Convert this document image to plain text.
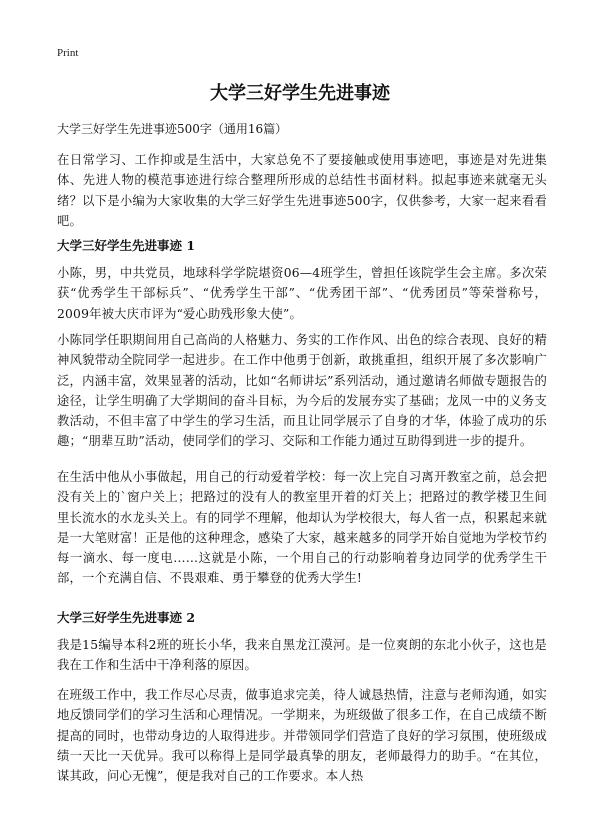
Print
大学三好学生先进事迹

大学三好学生先进事迹500字（通用16篇）

在日常学习、工作抑或是生活中，大家总免不了要接触或使用事迹吧，事迹是对先进集体、先进人物的模范事迹进行综合整理所形成的总结性书面材料。拟起事迹来就毫无头绪？以下是小编为大家收集的大学三好学生先进事迹500字，仅供参考，大家一起来看看吧。

大学三好学生先进事迹 1

小陈，男，中共党员，地球科学学院堪资06—4班学生，曾担任该院学生会主席。多次荣获“优秀学生干部标兵”、“优秀学生干部”、“优秀团干部”、“优秀团员”等荣誉称号，2009年被大庆市评为“爱心助残形象大使”。

小陈同学任职期间用自己高尚的人格魅力、务实的工作作风、出色的综合表现、良好的精神风貌带动全院同学一起进步。在工作中他勇于创新，敢挑重担，组织开展了多次影响广泛，内涵丰富，效果显著的活动，比如“名师讲坛”系列活动，通过邀请名师做专题报告的途径，让学生明确了大学期间的奋斗目标，为今后的发展夯实了基础；龙凤一中的义务支教活动，不但丰富了中学生的学习生活，而且让同学展示了自身的才华，体验了成功的乐趣；“朋辈互助”活动，使同学们的学习、交际和工作能力通过互助得到进一步的提升。

在生活中他从小事做起，用自己的行动爱着学校：每一次上完自习离开教室之前，总会把没有关上的`窗户关上；把路过的没有人的教室里开着的灯关上；把路过的教学楼卫生间里长流水的水龙头关上。有的同学不理解，他却认为学校很大，每人省一点，积累起来就是一大笔财富！正是他的这种理念，感染了大家，越来越多的同学开始自觉地为学校节约每一滴水、每一度电……这就是小陈，一个用自己的行动影响着身边同学的优秀学生干部，一个充满自信、不畏艰难、勇于攀登的优秀大学生!

大学三好学生先进事迹 2

我是15编导本科2班的班长小华，我来自黑龙江漠河。是一位爽朗的东北小伙子，这也是我在工作和生活中干净利落的原因。

在班级工作中，我工作尽心尽责，做事追求完美，待人诚恳热情，注意与老师沟通，如实地反馈同学们的学习生活和心理情况。一学期来，为班级做了很多工作，在自己成绩不断提高的同时，也带动身边的人取得进步。并带领同学们营造了良好的学习氛围，使班级成绩一天比一天优异。我可以称得上是同学最真挚的朋友，老师最得力的助手。“在其位，谋其政，问心无愧”，便是我对自己的工作要求。本人热
